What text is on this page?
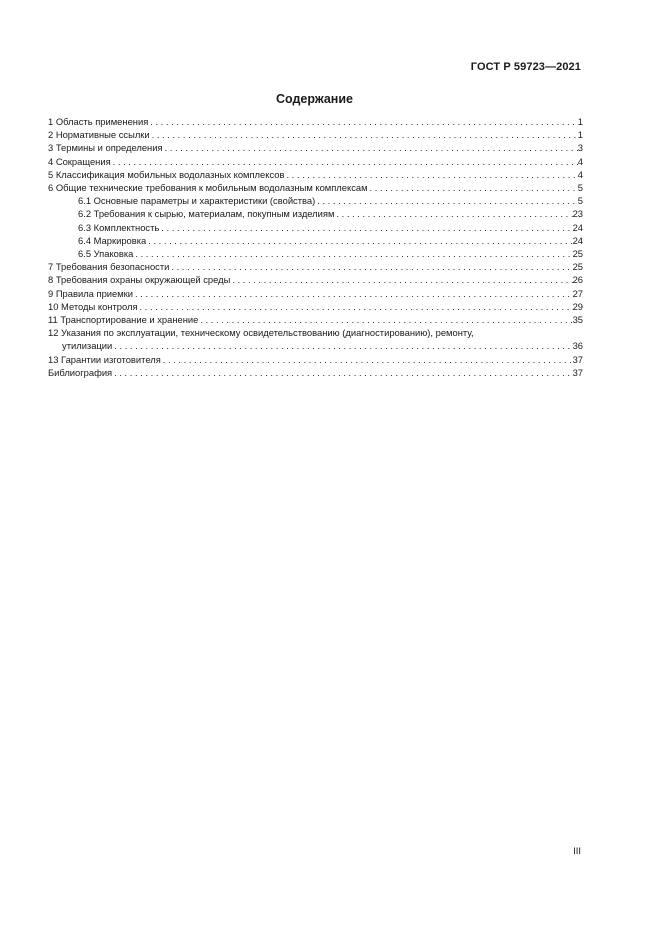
ГОСТ Р 59723—2021
Содержание
1 Область применения . . .	1
2 Нормативные ссылки . . .	1
3 Термины и определения . . .	3
4 Сокращения . . .	4
5 Классификация мобильных водолазных комплексов . . .	4
6 Общие технические требования к мобильным водолазным комплексам . . .	5
6.1 Основные параметры и характеристики (свойства) . . .	5
6.2 Требования к сырью, материалам, покупным изделиям . . .	23
6.3 Комплектность . . .	24
6.4 Маркировка . . .	24
6.5 Упаковка . . .	25
7 Требования безопасности . . .	25
8 Требования охраны окружающей среды . . .	26
9 Правила приемки . . .	27
10 Методы контроля . . .	29
11 Транспортирование и хранение . . .	35
12 Указания по эксплуатации, техническому освидетельствованию (диагностированию), ремонту,
утилизации . . .	36
13 Гарантии изготовителя . . .	37
Библиография . . .	37
III
